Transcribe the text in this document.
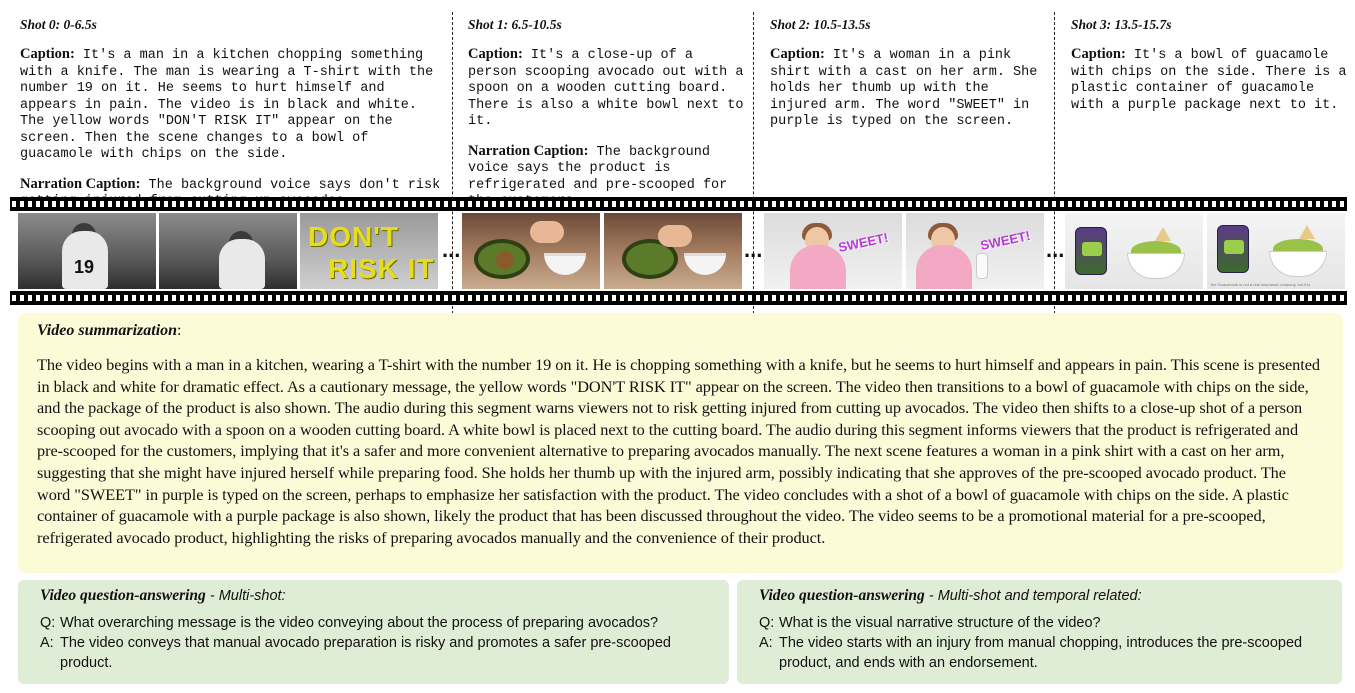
Shot 0: 0-6.5s
Caption: It's a man in a kitchen chopping something with a knife. The man is wearing a T-shirt with the number 19 on it. He seems to hurt himself and appears in pain. The video is in black and white. The yellow words "DON'T RISK IT" appear on the screen. Then the scene changes to a bowl of guacamole with chips on the side.
Narration Caption: The background voice says don't risk
Shot 1: 6.5-10.5s
Caption: It's a close-up of a person scooping avocado out with a spoon on a wooden cutting board. There is also a white bowl next to it.
Narration Caption: The background voice says the product is refrigerated and pre-scooped for
Shot 2: 10.5-13.5s
Caption: It's a woman in a pink shirt with a cast on her arm. She holds her thumb up with the injured arm. The word "SWEET" in purple is typed on the screen.
Shot 3: 13.5-15.7s
Caption: It's a bowl of guacamole with chips on the side. There is a plastic container of guacamole with a purple package next to it.
19
DON'T
RISK IT
...	...	SWEET!	SWEET! ...
the Guacamole is not a real insurance company, but it is
Video summarization:
The video begins with a man in a kitchen, wearing a T-shirt with the number 19 on it. He is chopping something with a knife, but he seems to hurt himself and appears in pain. This scene is presented in black and white for dramatic effect. As a cautionary message, the yellow words "DON'T RISK IT" appear on the screen. The video then transitions to a bowl of guacamole with chips on the side, and the package of the product is also shown. The audio during this segment warns viewers not to risk getting injured from cutting up avocados. The video then shifts to a close-up shot of a person scooping out avocado with a spoon on a wooden cutting board. A white bowl is placed next to the cutting board. The audio during this segment informs viewers that the product is refrigerated and pre-scooped for the customers, implying that it's a safer and more convenient alternative to preparing avocados manually. The next scene features a woman in a pink shirt with a cast on her arm, suggesting that she might have injured herself while preparing food. She holds her thumb up with the injured arm, possibly indicating that she approves of the pre-scooped avocado product. The word "SWEET" in purple is typed on the screen, perhaps to emphasize her satisfaction with the product. The video concludes with a shot of a bowl of guacamole with chips on the side. A plastic container of guacamole with a purple package is also shown, likely the product that has been discussed throughout the video. The video seems to be a promotional material for a pre-scooped, refrigerated avocado product, highlighting the risks of preparing avocados manually and the convenience of their product.
Video question-answering - Multi-shot:
Q: What overarching message is the video conveying about the process of preparing avocados?
A: The video conveys that manual avocado preparation is risky and promotes a safer pre-scooped product.
Video question-answering - Multi-shot and temporal related:
Q: What is the visual narrative structure of the video?
A: The video starts with an injury from manual chopping, introduces the pre-scooped product, and ends with an endorsement.
